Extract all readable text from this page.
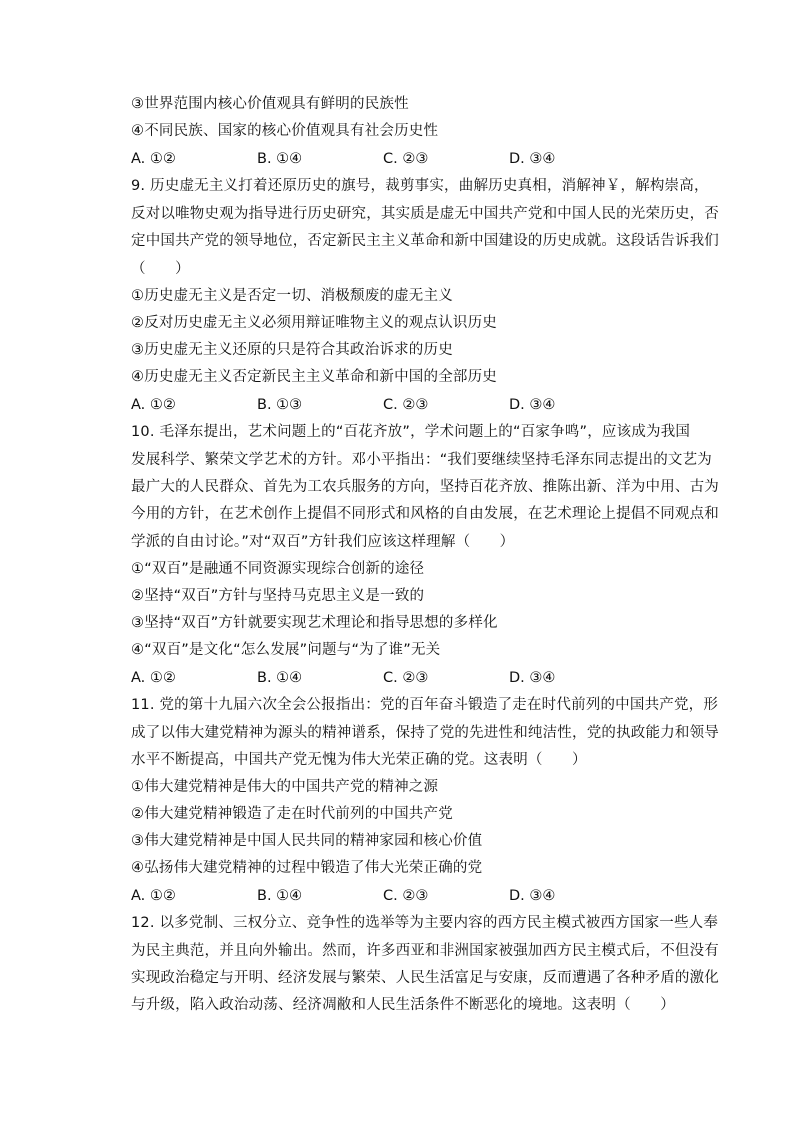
③世界范围内核心价值观具有鲜明的民族性
④不同民族、国家的核心价值观具有社会历史性
A. ①②	B. ①④	C. ②③	D. ③④
9. 历史虚无主义打着还原历史的旗号，裁剪事实，曲解历史真相，消解神￥，解构崇高，
反对以唯物史观为指导进行历史研究，其实质是虚无中国共产党和中国人民的光荣历史，否
定中国共产党的领导地位，否定新民主主义革命和新中国建设的历史成就。这段话告诉我们
（　　）
①历史虚无主义是否定一切、消极颓废的虚无主义
②反对历史虚无主义必须用辩证唯物主义的观点认识历史
③历史虚无主义还原的只是符合其政治诉求的历史
④历史虚无主义否定新民主主义革命和新中国的全部历史
A. ①②	B. ①③	C. ②③	D. ③④
10. 毛泽东提出，艺术问题上的“百花齐放”，学术问题上的“百家争鸣”，应该成为我国
发展科学、繁荣文学艺术的方针。邓小平指出：“我们要继续坚持毛泽东同志提出的文艺为
最广大的人民群众、首先为工农兵服务的方向，坚持百花齐放、推陈出新、洋为中用、古为
今用的方针，在艺术创作上提倡不同形式和风格的自由发展，在艺术理论上提倡不同观点和
学派的自由讨论。”对“双百”方针我们应该这样理解（　　）
①“双百”是融通不同资源实现综合创新的途径
②坚持“双百”方针与坚持马克思主义是一致的
③坚持“双百”方针就要实现艺术理论和指导思想的多样化
④“双百”是文化“怎么发展”问题与“为了谁”无关
A. ①②	B. ①④	C. ②③	D. ③④
11. 党的第十九届六次全会公报指出：党的百年奋斗锻造了走在时代前列的中国共产党，形
成了以伟大建党精神为源头的精神谱系，保持了党的先进性和纯洁性，党的执政能力和领导
水平不断提高，中国共产党无愧为伟大光荣正确的党。这表明（　　）
①伟大建党精神是伟大的中国共产党的精神之源
②伟大建党精神锻造了走在时代前列的中国共产党
③伟大建党精神是中国人民共同的精神家园和核心价值
④弘扬伟大建党精神的过程中锻造了伟大光荣正确的党
A. ①②	B. ①④	C. ②③	D. ③④
12. 以多党制、三权分立、竞争性的选举等为主要内容的西方民主模式被西方国家一些人奉
为民主典范，并且向外输出。然而，许多西亚和非洲国家被强加西方民主模式后，不但没有
实现政治稳定与开明、经济发展与繁荣、人民生活富足与安康，反而遭遇了各种矛盾的激化
与升级，陷入政治动荡、经济凋敝和人民生活条件不断恶化的境地。这表明（　　）
